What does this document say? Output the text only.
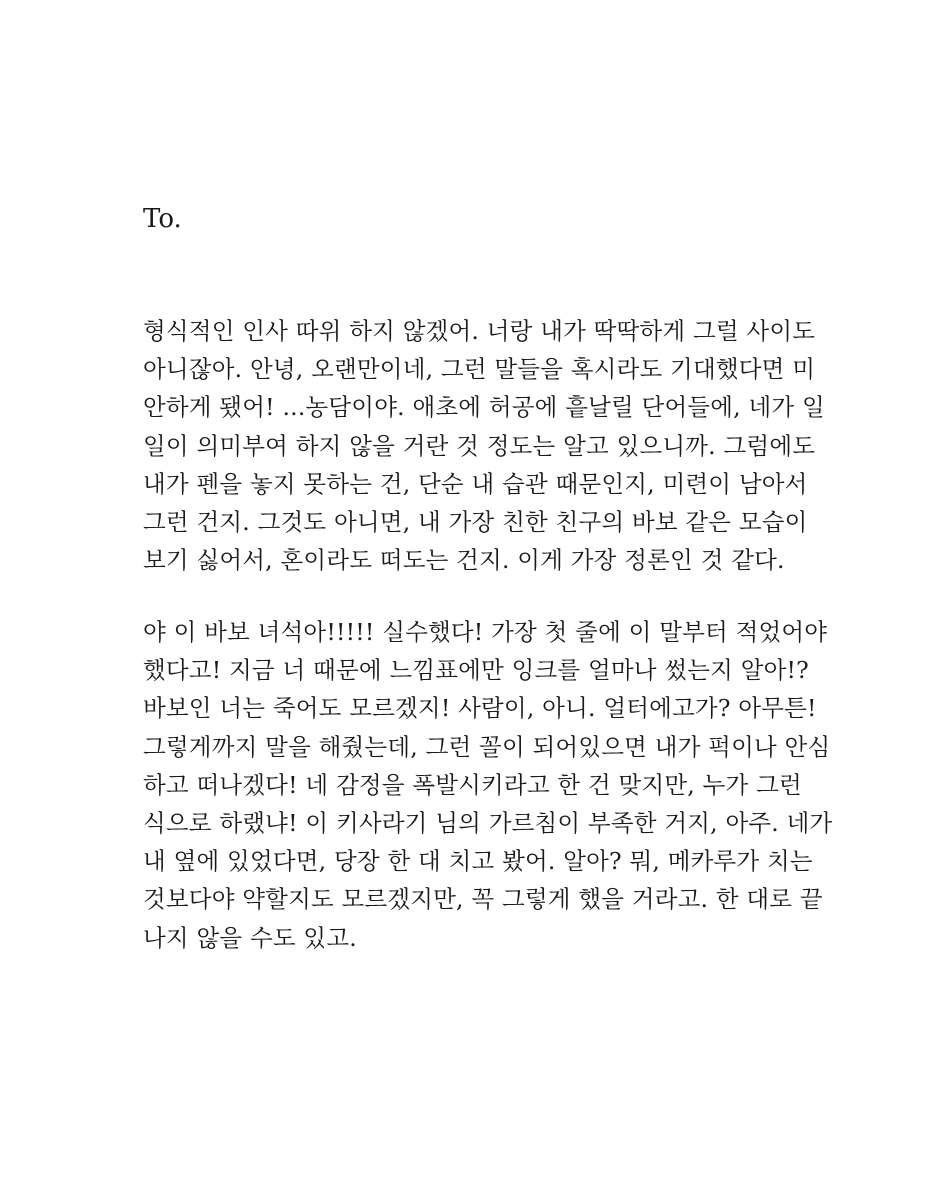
To.

형식적인 인사 따위 하지 않겠어. 너랑 내가 딱딱하게 그럴 사이도
아니잖아. 안녕, 오랜만이네, 그런 말들을 혹시라도 기대했다면 미
안하게 됐어! ...농담이야. 애초에 허공에 흩날릴 단어들에, 네가 일
일이 의미부여 하지 않을 거란 것 정도는 알고 있으니까. 그럼에도
내가 펜을 놓지 못하는 건, 단순 내 습관 때문인지, 미련이 남아서
그런 건지. 그것도 아니면, 내 가장 친한 친구의 바보 같은 모습이
보기 싫어서, 혼이라도 떠도는 건지. 이게 가장 정론인 것 같다.
야 이 바보 녀석아!!!!! 실수했다! 가장 첫 줄에 이 말부터 적었어야
했다고! 지금 너 때문에 느낌표에만 잉크를 얼마나 썼는지 알아!?
바보인 너는 죽어도 모르겠지! 사람이, 아니. 얼터에고가? 아무튼!
그렇게까지 말을 해줬는데, 그런 꼴이 되어있으면 내가 퍽이나 안심
하고 떠나겠다! 네 감정을 폭발시키라고 한 건 맞지만, 누가 그런
식으로 하랬냐! 이 키사라기 님의 가르침이 부족한 거지, 아주. 네가
내 옆에 있었다면, 당장 한 대 치고 봤어. 알아? 뭐, 메카루가 치는
것보다야 약할지도 모르겠지만, 꼭 그렇게 했을 거라고. 한 대로 끝
나지 않을 수도 있고.
